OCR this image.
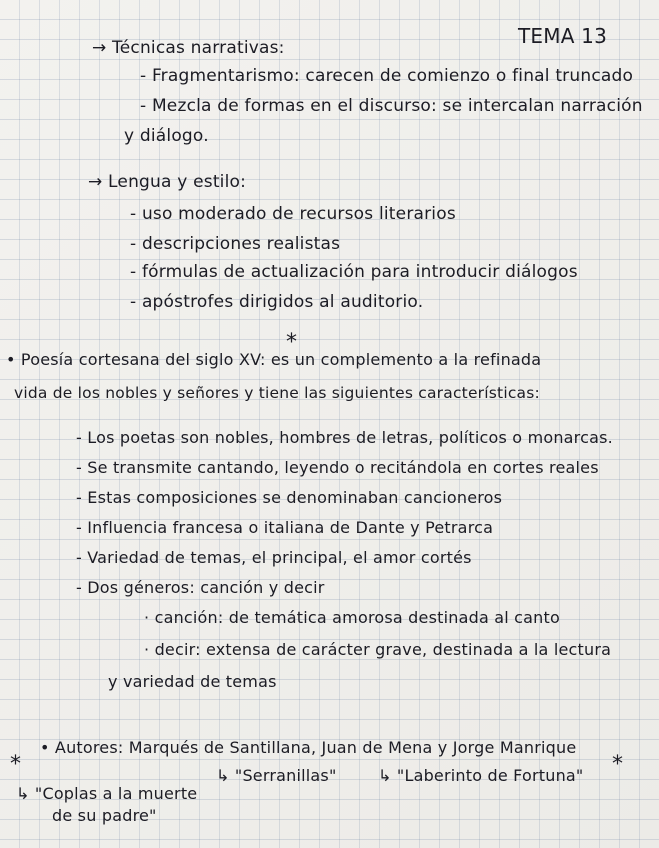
TEMA 13
→ Técnicas narrativas:
- Fragmentarismo: carecen de comienzo o final truncado
- Mezcla de formas en el discurso: se intercalan narración
y diálogo.
→ Lengua y estilo:
- uso moderado de recursos literarios
- descripciones realistas
- fórmulas de actualización para introducir diálogos
- apóstrofes dirigidos al auditorio.
*
• Poesía cortesana del siglo XV: es un complemento a la refinada
vida de los nobles y señores y tiene las siguientes características:
- Los poetas son nobles, hombres de letras, políticos o monarcas.
- Se transmite cantando, leyendo o recitándola en cortes reales
- Estas composiciones se denominaban cancioneros
- Influencia francesa o italiana de Dante y Petrarca
- Variedad de temas, el principal, el amor cortés
- Dos géneros: canción y decir
· canción: de temática amorosa destinada al canto
· decir: extensa de carácter grave, destinada a la lectura
y variedad de temas
• Autores: Marqués de Santillana, Juan de Mena y Jorge Manrique
*
*	↳ "Serranillas"	↳ "Laberinto de Fortuna"
↳ "Coplas a la muerte
de su padre"
